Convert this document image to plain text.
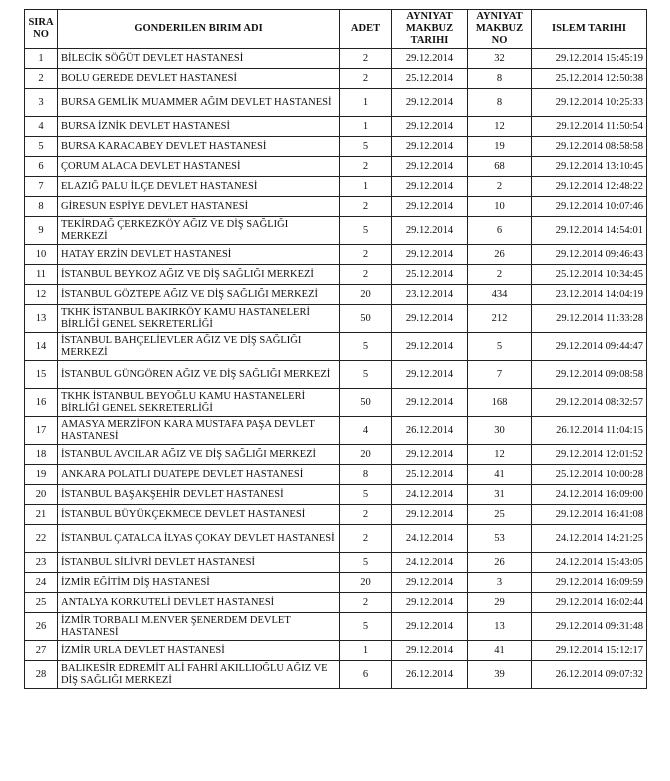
SIRA
NO	GONDERILEN BIRIM ADI	ADET	AYNIYAT
MAKBUZ
TARIHI	AYNIYAT
MAKBUZ
NO	ISLEM TARIHI
1	BİLECİK SÖĞÜT DEVLET HASTANESİ	2	29.12.2014	32	29.12.2014 15:45:19
2	BOLU GEREDE DEVLET HASTANESİ	2	25.12.2014	8	25.12.2014 12:50:38
3	BURSA GEMLİK MUAMMER AĞIM DEVLET HASTANESİ	1	29.12.2014	8	29.12.2014 10:25:33
4	BURSA İZNİK DEVLET HASTANESİ	1	29.12.2014	12	29.12.2014 11:50:54
5	BURSA KARACABEY DEVLET HASTANESİ	5	29.12.2014	19	29.12.2014 08:58:58
6	ÇORUM ALACA DEVLET HASTANESİ	2	29.12.2014	68	29.12.2014 13:10:45
7	ELAZIĞ PALU İLÇE DEVLET HASTANESİ	1	29.12.2014	2	29.12.2014 12:48:22
8	GİRESUN ESPİYE DEVLET HASTANESİ	2	29.12.2014	10	29.12.2014 10:07:46
9	TEKİRDAĞ ÇERKEZKÖY AĞIZ VE DİŞ SAĞLIĞI MERKEZİ	5	29.12.2014	6	29.12.2014 14:54:01
10	HATAY ERZİN DEVLET HASTANESİ	2	29.12.2014	26	29.12.2014 09:46:43
11	İSTANBUL BEYKOZ AĞIZ VE DİŞ SAĞLIĞI MERKEZİ	2	25.12.2014	2	25.12.2014 10:34:45
12	İSTANBUL GÖZTEPE AĞIZ VE DİŞ SAĞLIĞI MERKEZİ	20	23.12.2014	434	23.12.2014 14:04:19
13	TKHK İSTANBUL BAKIRKÖY KAMU HASTANELERİ BİRLİĞİ GENEL SEKRETERLİĞİ	50	29.12.2014	212	29.12.2014 11:33:28
14	İSTANBUL BAHÇELİEVLER AĞIZ VE DİŞ SAĞLIĞI MERKEZİ	5	29.12.2014	5	29.12.2014 09:44:47
15	İSTANBUL GÜNGÖREN AĞIZ VE DİŞ SAĞLIĞI MERKEZİ	5	29.12.2014	7	29.12.2014 09:08:58
16	TKHK İSTANBUL BEYOĞLU KAMU HASTANELERİ BİRLİĞİ GENEL SEKRETERLİĞİ	50	29.12.2014	168	29.12.2014 08:32:57
17	AMASYA MERZİFON KARA MUSTAFA PAŞA DEVLET HASTANESİ	4	26.12.2014	30	26.12.2014 11:04:15
18	İSTANBUL AVCILAR AĞIZ VE DİŞ SAĞLIĞI MERKEZİ	20	29.12.2014	12	29.12.2014 12:01:52
19	ANKARA POLATLI DUATEPE DEVLET HASTANESİ	8	25.12.2014	41	25.12.2014 10:00:28
20	İSTANBUL BAŞAKŞEHİR DEVLET HASTANESİ	5	24.12.2014	31	24.12.2014 16:09:00
21	İSTANBUL BÜYÜKÇEKMECE DEVLET HASTANESİ	2	29.12.2014	25	29.12.2014 16:41:08
22	İSTANBUL ÇATALCA İLYAS ÇOKAY DEVLET HASTANESİ	2	24.12.2014	53	24.12.2014 14:21:25
23	İSTANBUL SİLİVRİ DEVLET HASTANESİ	5	24.12.2014	26	24.12.2014 15:43:05
24	İZMİR EĞİTİM DİŞ HASTANESİ	20	29.12.2014	3	29.12.2014 16:09:59
25	ANTALYA KORKUTELİ DEVLET HASTANESİ	2	29.12.2014	29	29.12.2014 16:02:44
26	İZMİR TORBALI M.ENVER ŞENERDEM DEVLET HASTANESİ	5	29.12.2014	13	29.12.2014 09:31:48
27	İZMİR URLA DEVLET HASTANESİ	1	29.12.2014	41	29.12.2014 15:12:17
28	BALIKESİR EDREMİT ALİ FAHRİ AKILLIOĞLU AĞIZ VE DİŞ SAĞLIĞI MERKEZİ	6	26.12.2014	39	26.12.2014 09:07:32
